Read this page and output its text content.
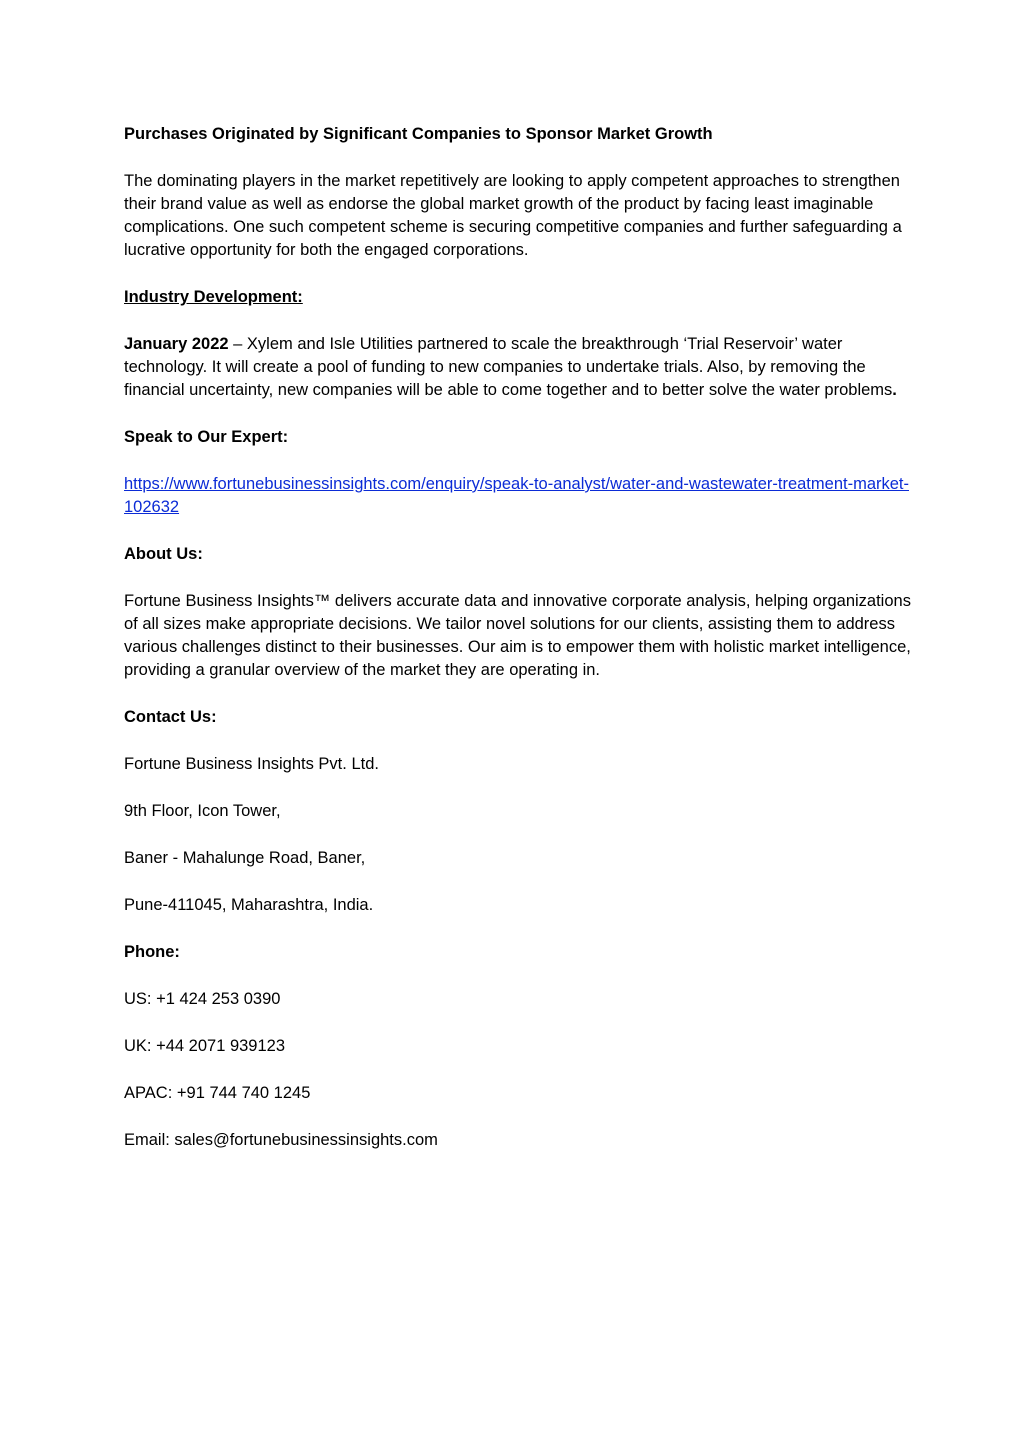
Purchases Originated by Significant Companies to Sponsor Market Growth
The dominating players in the market repetitively are looking to apply competent approaches to strengthen their brand value as well as endorse the global market growth of the product by facing least imaginable complications. One such competent scheme is securing competitive companies and further safeguarding a lucrative opportunity for both the engaged corporations.
Industry Development:
January 2022 – Xylem and Isle Utilities partnered to scale the breakthrough ‘Trial Reservoir’ water technology. It will create a pool of funding to new companies to undertake trials. Also, by removing the financial uncertainty, new companies will be able to come together and to better solve the water problems.
Speak to Our Expert:
https://www.fortunebusinessinsights.com/enquiry/speak-to-analyst/water-and-wastewater-treatment-market-102632
About Us:
Fortune Business Insights™ delivers accurate data and innovative corporate analysis, helping organizations of all sizes make appropriate decisions. We tailor novel solutions for our clients, assisting them to address various challenges distinct to their businesses. Our aim is to empower them with holistic market intelligence, providing a granular overview of the market they are operating in.
Contact Us:
Fortune Business Insights Pvt. Ltd.
9th Floor, Icon Tower,
Baner - Mahalunge Road, Baner,
Pune-411045, Maharashtra, India.
Phone:
US: +1 424 253 0390
UK: +44 2071 939123
APAC: +91 744 740 1245
Email: sales@fortunebusinessinsights.com
